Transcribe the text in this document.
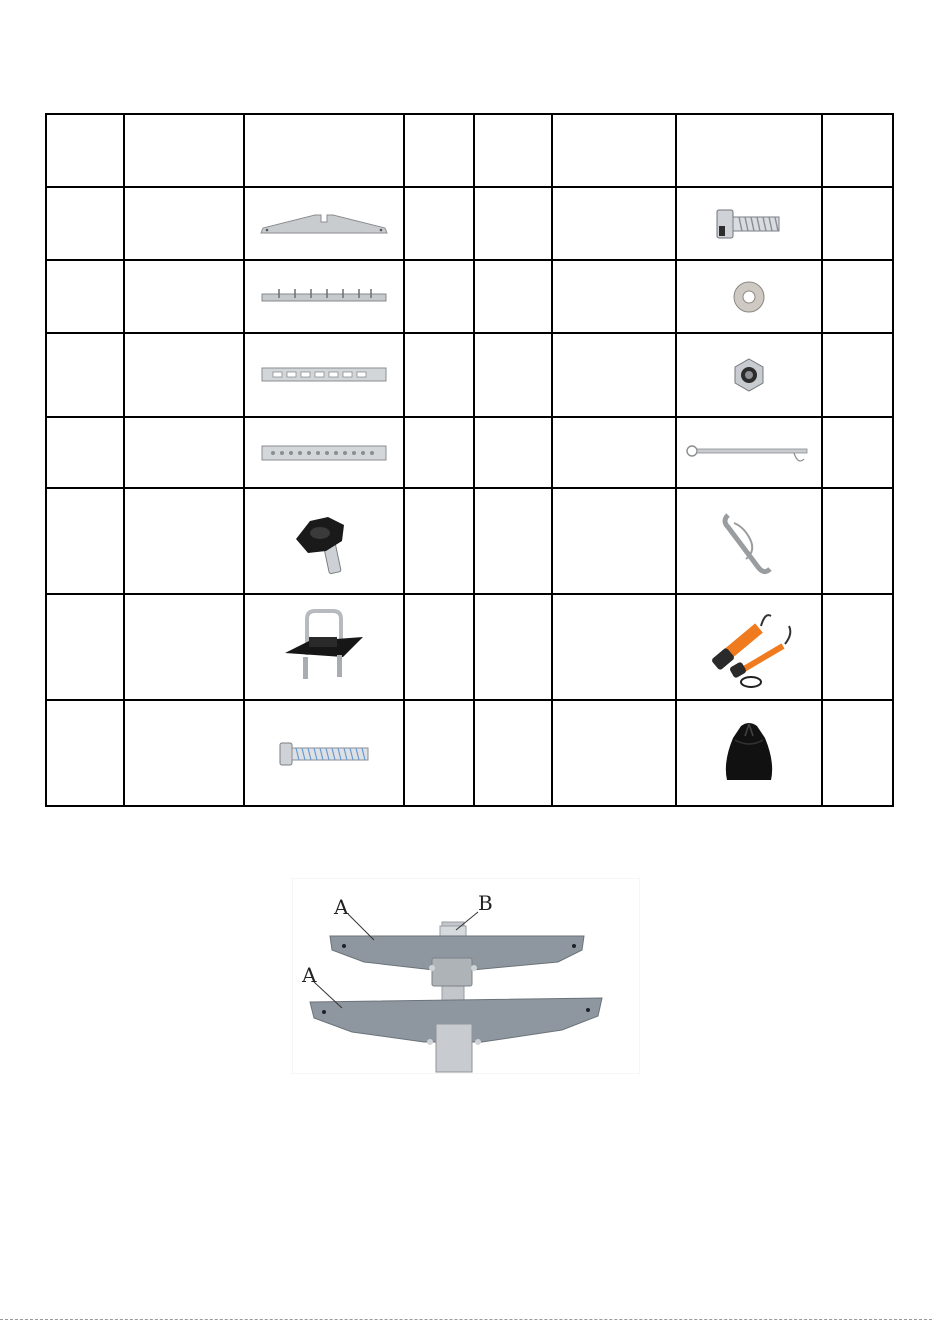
A
A
B
